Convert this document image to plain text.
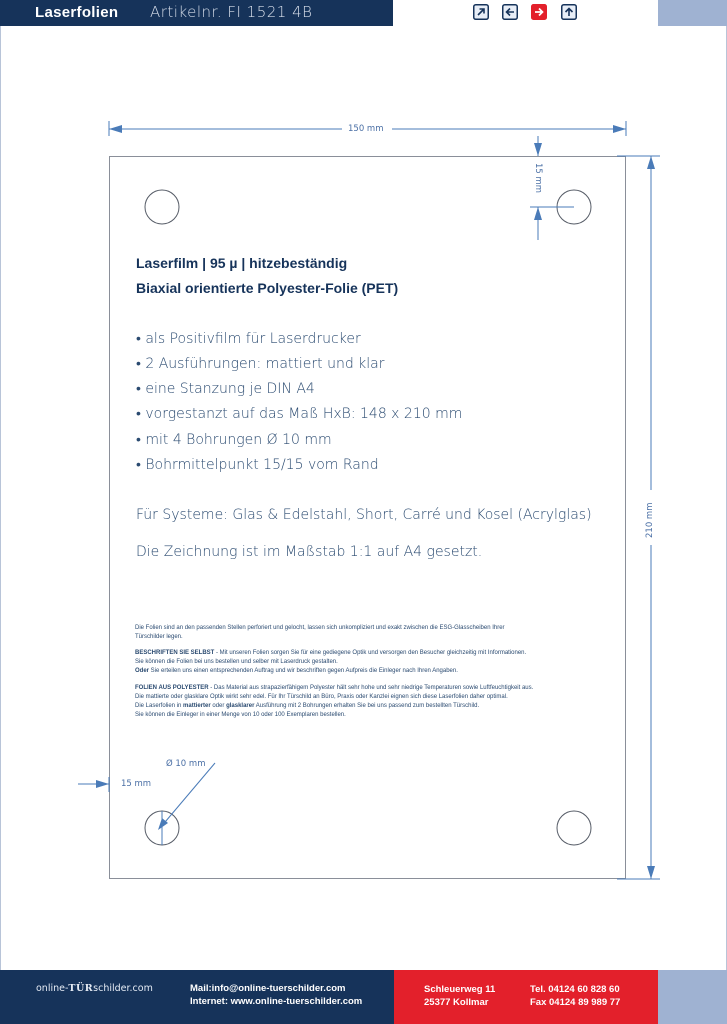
Laserfolien Artikelnr. FI 1521 4B
150 mm
210 mm
15 mm
15 mm
Ø 10 mm
Laserfilm | 95 µ | hitzebeständig
Biaxial orientierte Polyester-Folie (PET)
• als Positivfilm für Laserdrucker
• 2 Ausführungen: mattiert und klar
• eine Stanzung je DIN A4
• vorgestanzt auf das Maß HxB: 148 x 210 mm
• mit 4 Bohrungen Ø 10 mm
• Bohrmittelpunkt 15/15 vom Rand
Für Systeme: Glas & Edelstahl, Short, Carré und Kosel (Acrylglas)
Die Zeichnung ist im Maßstab 1:1 auf A4 gesetzt.
Die Folien sind an den passenden Stellen perforiert und gelocht, lassen sich unkompliziert und exakt zwischen die ESG-Glasscheiben Ihrer
Türschilder legen.
BESCHRIFTEN SIE SELBST - Mit unseren Folien sorgen Sie für eine gediegene Optik und versorgen den Besucher gleichzeitig mit Informationen.
Sie können die Folien bei uns bestellen und selber mit Laserdruck gestalten.
Oder Sie erteilen uns einen entsprechenden Auftrag und wir beschriften gegen Aufpreis die Einleger nach Ihren Angaben.
FOLIEN AUS POLYESTER - Das Material aus strapazierfähigem Polyester hält sehr hohe und sehr niedrige Temperaturen sowie Luftfeuchtigkeit aus.
Die mattierte oder glasklare Optik wirkt sehr edel. Für Ihr Türschild an Büro, Praxis oder Kanzlei eignen sich diese Laserfolien daher optimal.
Die Laserfolien in mattierter oder glasklarer Ausführung mit 2 Bohrungen erhalten Sie bei uns passend zum bestellten Türschild.
Sie können die Einleger in einer Menge von 10 oder 100 Exemplaren bestellen.
online-TÜRschilder.com	Mail:info@online-tuerschilder.com
Internet: www.online-tuerschilder.com
Schleuerweg 11
25377 Kollmar
Tel. 04124 60 828 60
Fax 04124 89 989 77
